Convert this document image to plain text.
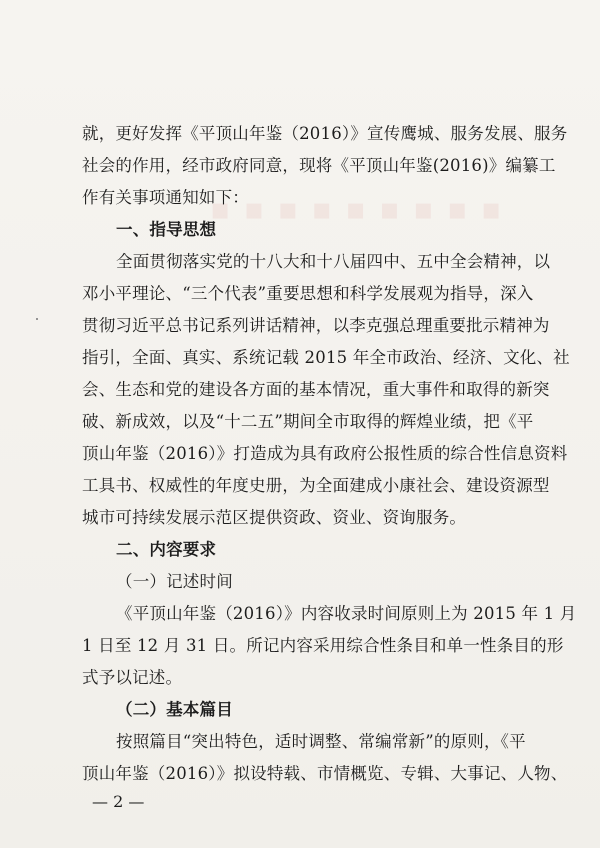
▪ ▪ ▪ ▪ ▪ ▪ ▪ ▪ ▪
就，更好发挥《平顶山年鉴（2016）》宣传鹰城、服务发展、服务
社会的作用，经市政府同意，现将《平顶山年鉴(2016)》编纂工
作有关事项通知如下：
一、指导思想
全面贯彻落实党的十八大和十八届四中、五中全会精神，以
邓小平理论、“三个代表”重要思想和科学发展观为指导，深入
贯彻习近平总书记系列讲话精神，以李克强总理重要批示精神为
指引，全面、真实、系统记载 2015 年全市政治、经济、文化、社
会、生态和党的建设各方面的基本情况，重大事件和取得的新突
破、新成效，以及“十二五”期间全市取得的辉煌业绩，把《平
顶山年鉴（2016）》打造成为具有政府公报性质的综合性信息资料
工具书、权威性的年度史册，为全面建成小康社会、建设资源型
城市可持续发展示范区提供资政、资业、资询服务。
二、内容要求
（一）记述时间
《平顶山年鉴（2016）》内容收录时间原则上为 2015 年 1 月
1 日至 12 月 31 日。所记内容采用综合性条目和单一性条目的形
式予以记述。
（二）基本篇目
按照篇目“突出特色，适时调整、常编常新”的原则，《平
顶山年鉴（2016）》拟设特载、市情概览、专辑、大事记、人物、
— 2 —
